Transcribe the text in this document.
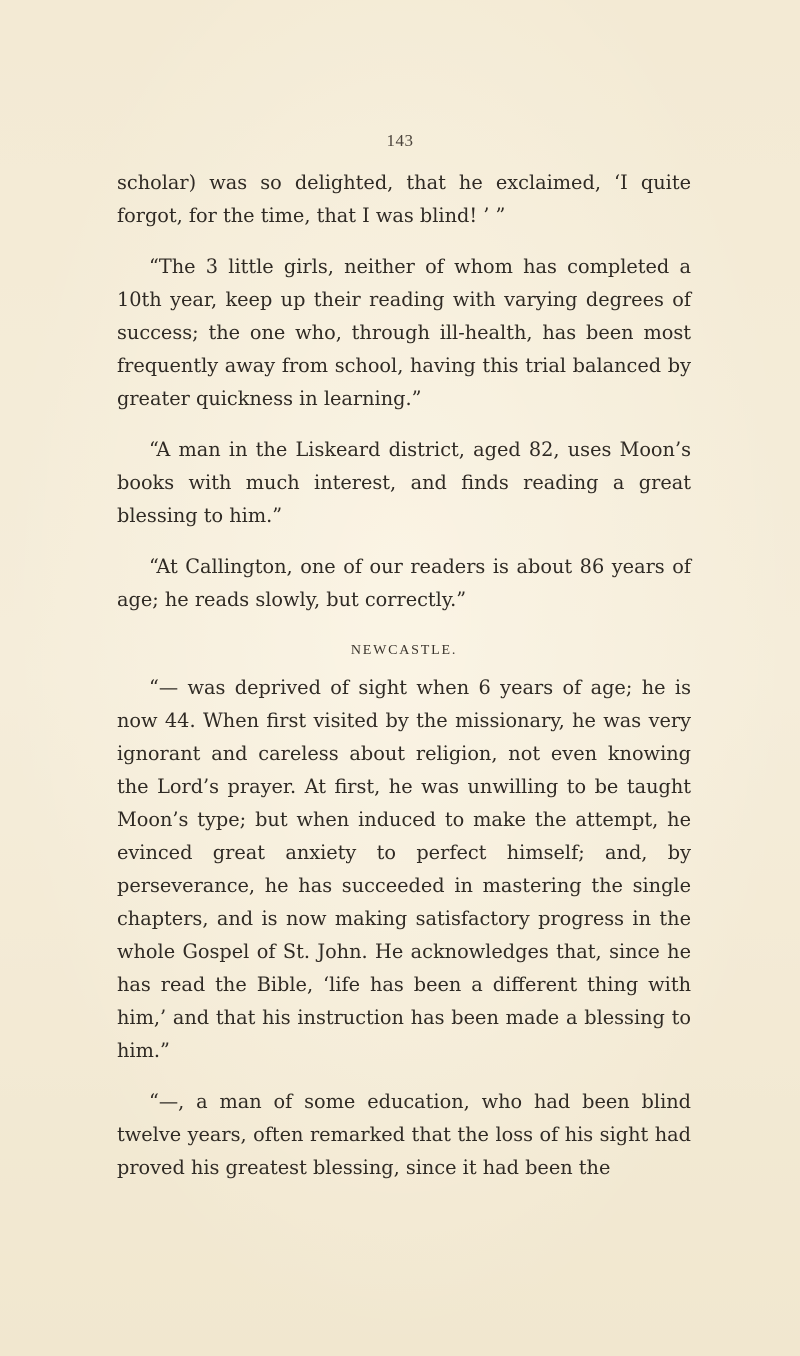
143

scholar) was so delighted, that he exclaimed, ‘I quite forgot, for the time, that I was blind! ’ ”

“The 3 little girls, neither of whom has completed a 10th year, keep up their reading with varying degrees of success; the one who, through ill-health, has been most frequently away from school, having this trial balanced by greater quickness in learning.”

“A man in the Liskeard district, aged 82, uses Moon’s books with much interest, and finds reading a great blessing to him.”

“At Callington, one of our readers is about 86 years of age; he reads slowly, but correctly.”

NEWCASTLE.

“— was deprived of sight when 6 years of age; he is now 44. When first visited by the missionary, he was very ignorant and careless about religion, not even knowing the Lord’s prayer. At first, he was unwilling to be taught Moon’s type; but when induced to make the attempt, he evinced great anxiety to perfect himself; and, by perseverance, he has succeeded in mastering the single chapters, and is now making satisfactory progress in the whole Gospel of St. John. He acknowledges that, since he has read the Bible, ‘life has been a different thing with him,’ and that his instruction has been made a blessing to him.”

“—, a man of some education, who had been blind twelve years, often remarked that the loss of his sight had proved his greatest blessing, since it had been the
